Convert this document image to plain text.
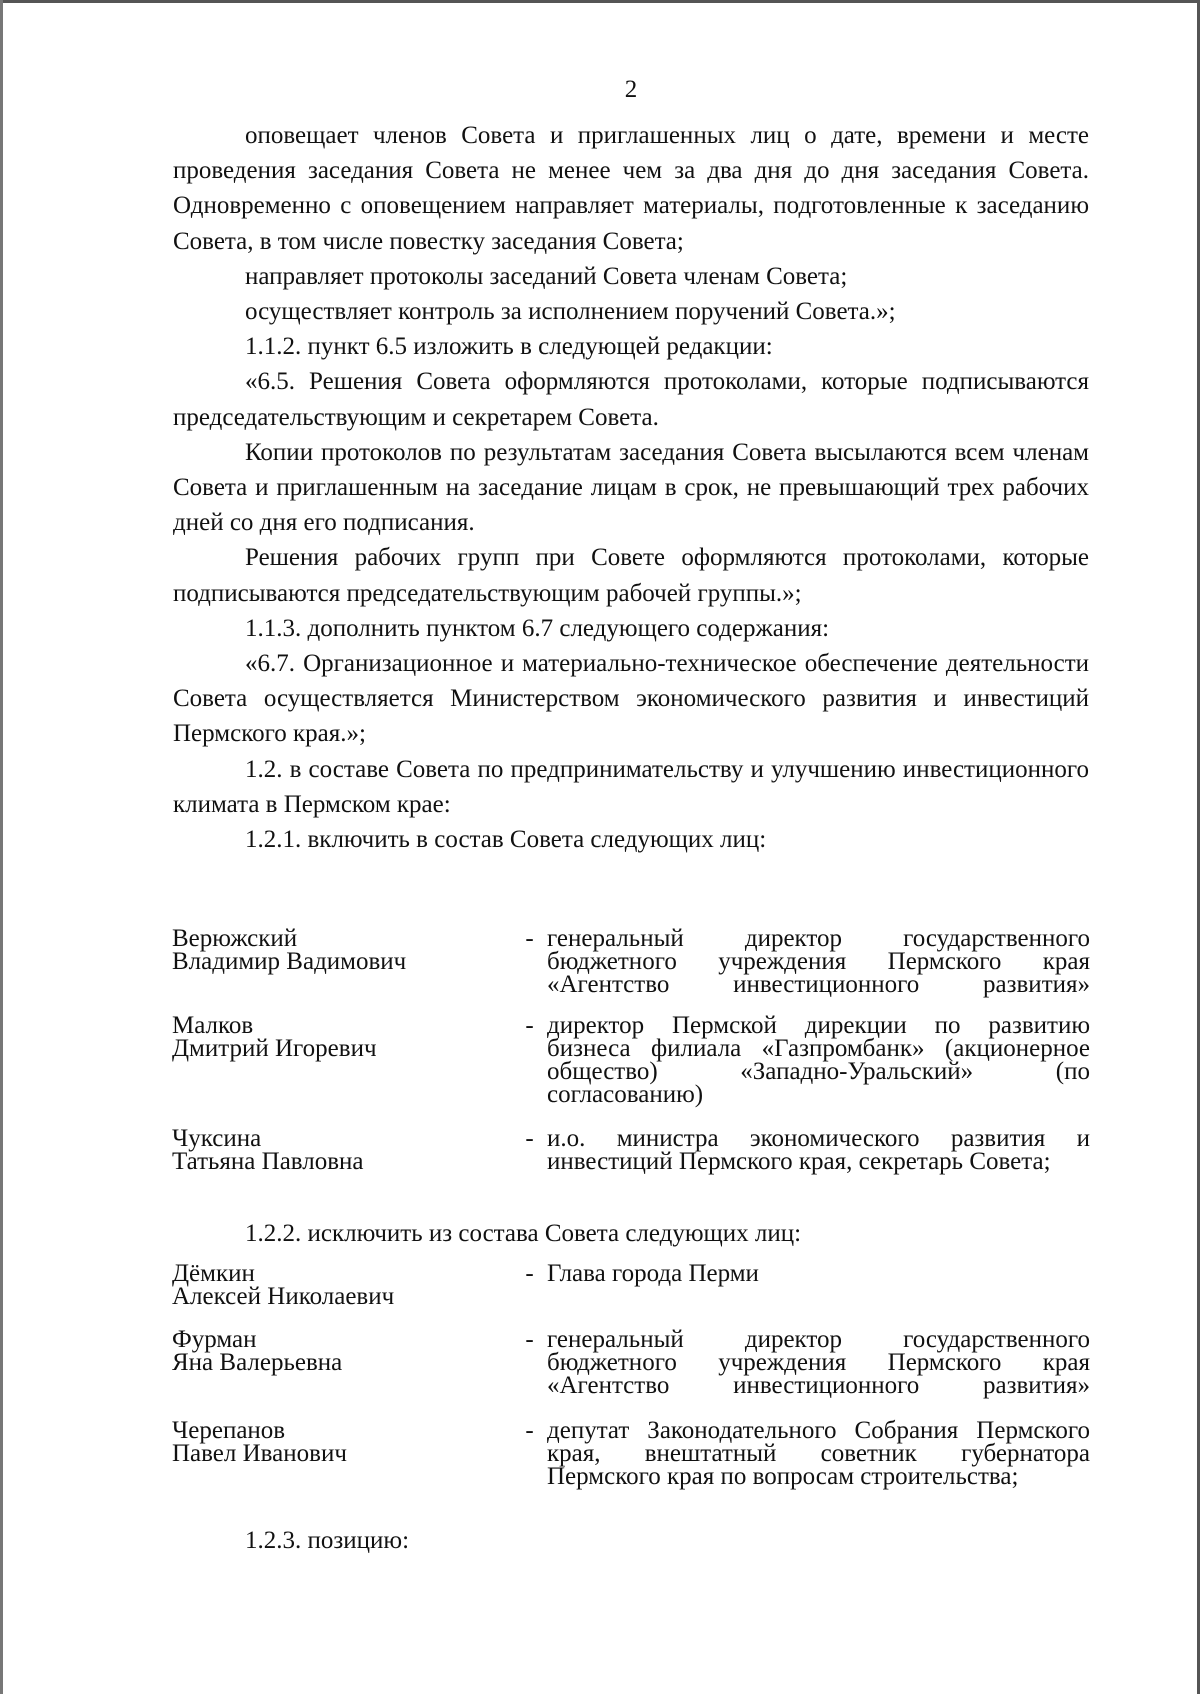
2

оповещает членов Совета и приглашенных лиц о дате, времени и месте проведения заседания Совета не менее чем за два дня до дня заседания Совета. Одновременно с оповещением направляет материалы, подготовленные к заседанию Совета, в том числе повестку заседания Совета;

направляет протоколы заседаний Совета членам Совета;

осуществляет контроль за исполнением поручений Совета.»;

1.1.2. пункт 6.5 изложить в следующей редакции:

«6.5. Решения Совета оформляются протоколами, которые подписываются председательствующим и секретарем Совета.

Копии протоколов по результатам заседания Совета высылаются всем членам Совета и приглашенным на заседание лицам в срок, не превышающий трех рабочих дней со дня его подписания.

Решения рабочих групп при Совете оформляются протоколами, которые подписываются председательствующим рабочей группы.»;

1.1.3. дополнить пунктом 6.7 следующего содержания:

«6.7. Организационное и материально-техническое обеспечение деятельности Совета осуществляется Министерством экономического развития и инвестиций Пермского края.»;

1.2. в составе Совета по предпринимательству и улучшению инвестиционного климата в Пермском крае:

1.2.1. включить в состав Совета следующих лиц:

Верюжский
Владимир Вадимович
- генеральный директор государственного бюджетного учреждения Пермского края «Агентство инвестиционного развития»
Малков
Дмитрий Игоревич
- директор Пермской дирекции по развитию бизнеса филиала «Газпромбанк» (акционерное общество) «Западно-Уральский» (по согласованию)
Чуксина
Татьяна Павловна
- и.о. министра экономического развития и инвестиций Пермского края, секретарь Совета;
1.2.2. исключить из состава Совета следующих лиц:
Дёмкин
Алексей Николаевич
- Глава города Перми
Фурман
Яна Валерьевна
- генеральный директор государственного бюджетного учреждения Пермского края «Агентство инвестиционного развития»
Черепанов
Павел Иванович
- депутат Законодательного Собрания Пермского края, внештатный советник губернатора Пермского края по вопросам строительства;
1.2.3. позицию:
